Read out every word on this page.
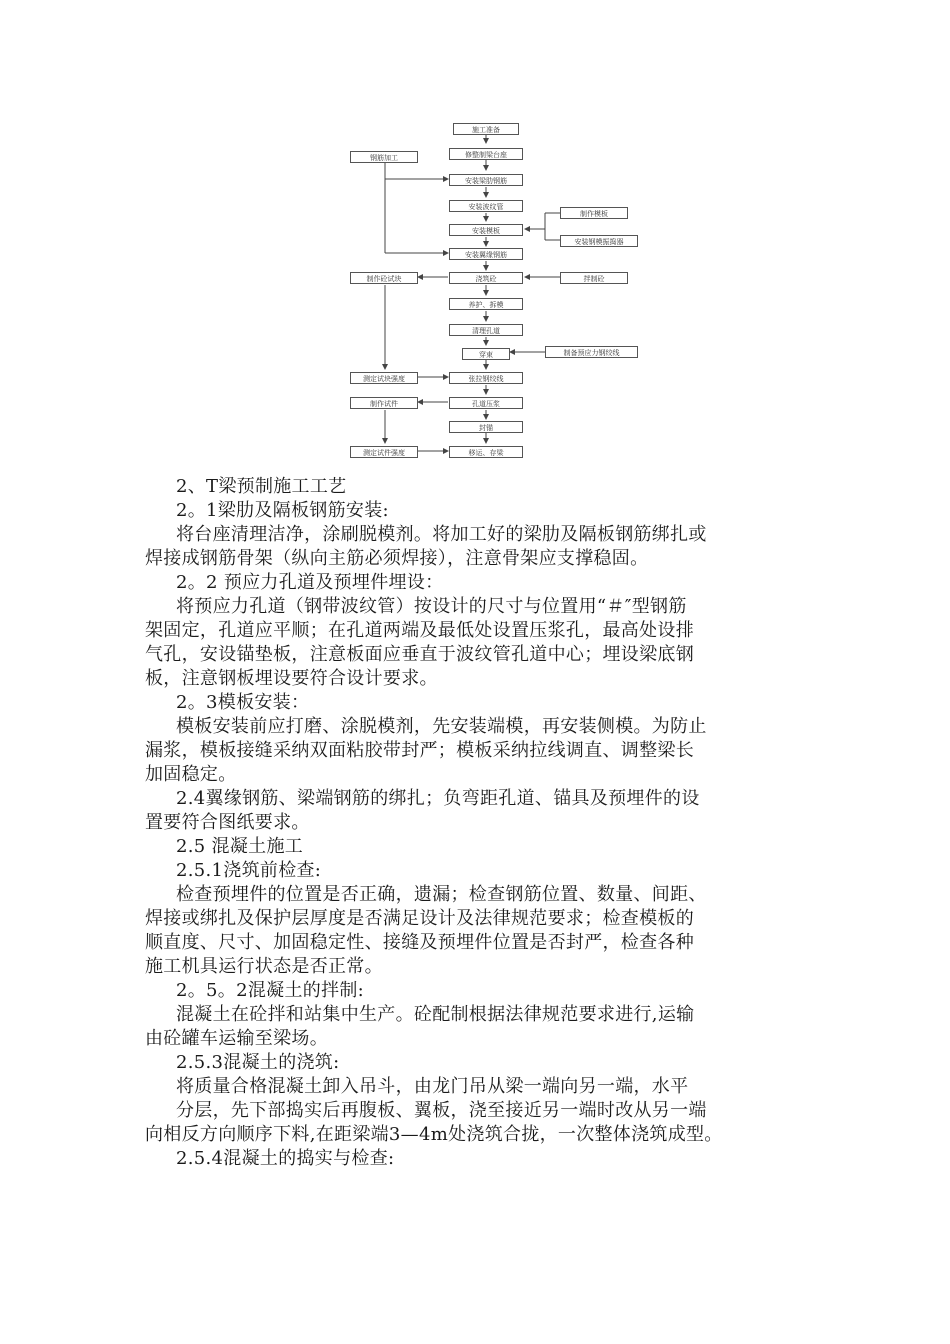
施工准备
修整制梁台座
安装梁肋钢筋
安装波纹管
安装模板
安装翼缘钢筋
浇筑砼
养护、拆模
清理孔道
穿束
张拉钢绞线
孔道压浆
封锚
移运、存梁
钢筋加工
制作砼试块
测定试块强度
制作试件
测定试件强度
制作模板
安装钢模振捣器
拌制砼
制备预应力钢绞线
2、T梁预制施工工艺
2。1梁肋及隔板钢筋安装:
将台座清理洁净，涂刷脱模剂。将加工好的梁肋及隔板钢筋绑扎或
焊接成钢筋骨架（纵向主筋必须焊接），注意骨架应支撑稳固。
2。2 预应力孔道及预埋件埋设：
将预应力孔道（钢带波纹管）按设计的尺寸与位置用“＃″型钢筋
架固定，孔道应平顺；在孔道两端及最低处设置压浆孔，最高处设排
气孔，安设锚垫板，注意板面应垂直于波纹管孔道中心；埋设梁底钢
板，注意钢板埋设要符合设计要求。
2。3模板安装：
模板安装前应打磨、涂脱模剂，先安装端模，再安装侧模。为防止
漏浆，模板接缝采纳双面粘胶带封严；模板采纳拉线调直、调整梁长
加固稳定。
2.4翼缘钢筋、梁端钢筋的绑扎；负弯距孔道、锚具及预埋件的设
置要符合图纸要求。
2.5 混凝土施工
2.5.1浇筑前检查:
检查预埋件的位置是否正确，遗漏；检查钢筋位置、数量、间距、
焊接或绑扎及保护层厚度是否满足设计及法律规范要求；检查模板的
顺直度、尺寸、加固稳定性、接缝及预埋件位置是否封严，检查各种
施工机具运行状态是否正常。
2。5。2混凝土的拌制:
混凝土在砼拌和站集中生产。砼配制根据法律规范要求进行,运输
由砼罐车运输至梁场。
2.5.3混凝土的浇筑:
将质量合格混凝土卸入吊斗，由龙门吊从梁一端向另一端，水平
分层，先下部捣实后再腹板、翼板，浇至接近另一端时改从另一端
向相反方向顺序下料,在距梁端3—4m处浇筑合拢，一次整体浇筑成型。
2.5.4混凝土的捣实与检查:
